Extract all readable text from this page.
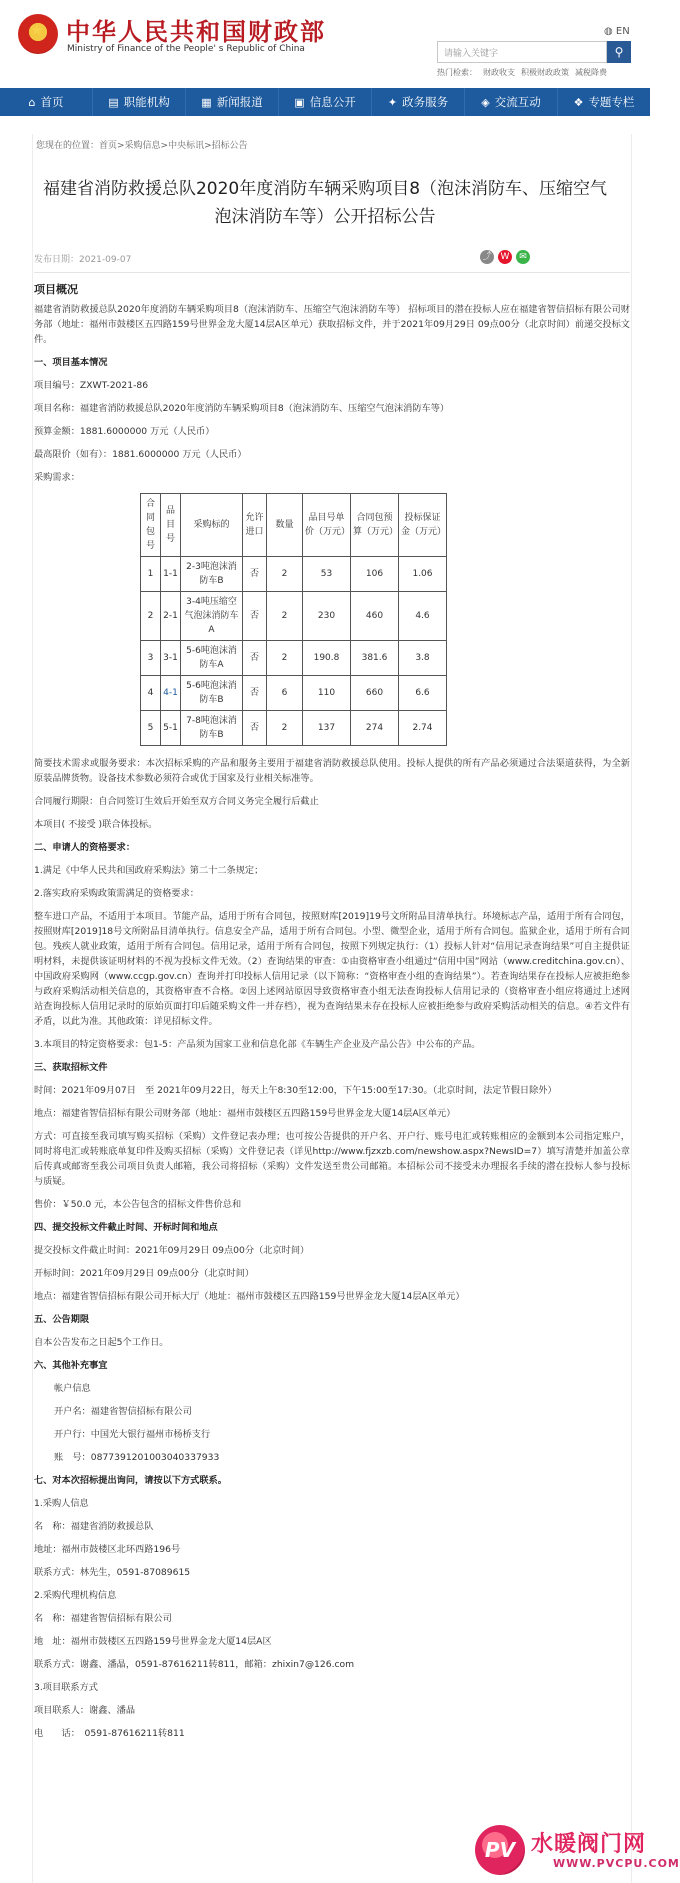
★ 中华人民共和国财政部
Ministry of Finance of the People' s Republic of China
◍ EN
请输入关键字	⚲
热门检索： 财政收支 积极财政政策 减税降费
⌂ 首页	▤ 职能机构	▦ 新闻报道	▣ 信息公开	✦ 政务服务	◈ 交流互动	❖ 专题专栏
您现在的位置：首页>采购信息>中央标讯>招标公告
福建省消防救援总队2020年度消防车辆采购项目8（泡沫消防车、压缩空气泡沫消防车等）公开招标公告
发布日期：2021-09-07	⤴ W	✉

项目概况

福建省消防救援总队2020年度消防车辆采购项目8（泡沫消防车、压缩空气泡沫消防车等） 招标项目的潜在投标人应在福建省智信招标有限公司财务部（地址：福州市鼓楼区五四路159号世界金龙大厦14层A区单元）获取招标文件，并于2021年09月29日 09点00分（北京时间）前递交投标文件。

一、项目基本情况

项目编号：ZXWT-2021-86

项目名称：福建省消防救援总队2020年度消防车辆采购项目8（泡沫消防车、压缩空气泡沫消防车等）

预算金额：1881.6000000 万元（人民币）

最高限价（如有）：1881.6000000 万元（人民币）

采购需求：

合同包号	品目号	采购标的	允许进口	数量	品目号单价（万元）	合同包预算（万元）	投标保证金（万元）
1	1-1	2-3吨泡沫消防车B	否	2	53	106	1.06
2	2-1	3-4吨压缩空气泡沫消防车A	否	2	230	460	4.6
3	3-1	5-6吨泡沫消防车A	否	2	190.8	381.6	3.8
4	4-1	5-6吨泡沫消防车B	否	6	110	660	6.6
5	5-1	7-8吨泡沫消防车B	否	2	137	274	2.74

简要技术需求或服务要求：本次招标采购的产品和服务主要用于福建省消防救援总队使用。投标人提供的所有产品必须通过合法渠道获得，为全新原装品牌货物。设备技术参数必须符合或优于国家及行业相关标准等。

合同履行期限：自合同签订生效后开始至双方合同义务完全履行后截止

本项目( 不接受 )联合体投标。

二、申请人的资格要求：

1.满足《中华人民共和国政府采购法》第二十二条规定；

2.落实政府采购政策需满足的资格要求：

整车进口产品，不适用于本项目。节能产品，适用于所有合同包，按照财库[2019]19号文所附品目清单执行。环境标志产品，适用于所有合同包，按照财库[2019]18号文所附品目清单执行。信息安全产品，适用于所有合同包。小型、微型企业，适用于所有合同包。监狱企业，适用于所有合同包。残疾人就业政策，适用于所有合同包。信用记录，适用于所有合同包，按照下列规定执行：（1）投标人针对“信用记录查询结果”可自主提供证明材料，未提供该证明材料的不视为投标文件无效。（2）查询结果的审查：①由资格审查小组通过“信用中国”网站（www.creditchina.gov.cn）、中国政府采购网（www.ccgp.gov.cn）查询并打印投标人信用记录（以下简称：“资格审查小组的查询结果”）。若查询结果存在投标人应被拒绝参与政府采购活动相关信息的，其资格审查不合格。②因上述网站原因导致资格审查小组无法查询投标人信用记录的（资格审查小组应将通过上述网站查询投标人信用记录时的原始页面打印后随采购文件一并存档），视为查询结果未存在投标人应被拒绝参与政府采购活动相关的信息。④若文件有矛盾，以此为准。其他政策：详见招标文件。

3.本项目的特定资格要求：包1-5：产品须为国家工业和信息化部《车辆生产企业及产品公告》中公布的产品。

三、获取招标文件

时间：2021年09月07日　至 2021年09月22日，每天上午8:30至12:00，下午15:00至17:30。（北京时间，法定节假日除外）

地点：福建省智信招标有限公司财务部（地址：福州市鼓楼区五四路159号世界金龙大厦14层A区单元）

方式：可直接至我司填写购买招标（采购）文件登记表办理；也可按公告提供的开户名、开户行、账号电汇或转账相应的金额到本公司指定账户，同时将电汇或转账底单复印件及购买招标（采购）文件登记表（详见http://www.fjzxzb.com/newshow.aspx?NewsID=7）填写清楚并加盖公章后传真或邮寄至我公司项目负责人邮箱，我公司将招标（采购）文件发送至贵公司邮箱。本招标公司不接受未办理报名手续的潜在投标人参与投标与质疑。

售价：￥50.0 元，本公告包含的招标文件售价总和

四、提交投标文件截止时间、开标时间和地点

提交投标文件截止时间：2021年09月29日 09点00分（北京时间）

开标时间：2021年09月29日 09点00分（北京时间）

地点：福建省智信招标有限公司开标大厅（地址：福州市鼓楼区五四路159号世界金龙大厦14层A区单元）

五、公告期限

自本公告发布之日起5个工作日。

六、其他补充事宜

帐户信息

开户名：福建省智信招标有限公司

开户行：中国光大银行福州市杨桥支行

账　号：0877391201003040337933

七、对本次招标提出询问，请按以下方式联系。

1.采购人信息

名　称：福建省消防救援总队

地址：福州市鼓楼区北环西路196号

联系方式：林先生，0591-87089615

2.采购代理机构信息

名　称：福建省智信招标有限公司

地　址：福州市鼓楼区五四路159号世界金龙大厦14层A区

联系方式：谢鑫、潘晶，0591-87616211转811，邮箱：zhixin7@126.com

3.项目联系方式

项目联系人：谢鑫、潘晶

电　　话：　0591-87616211转811

PV 水暖阀门网
WWW.PVCPU.COM
